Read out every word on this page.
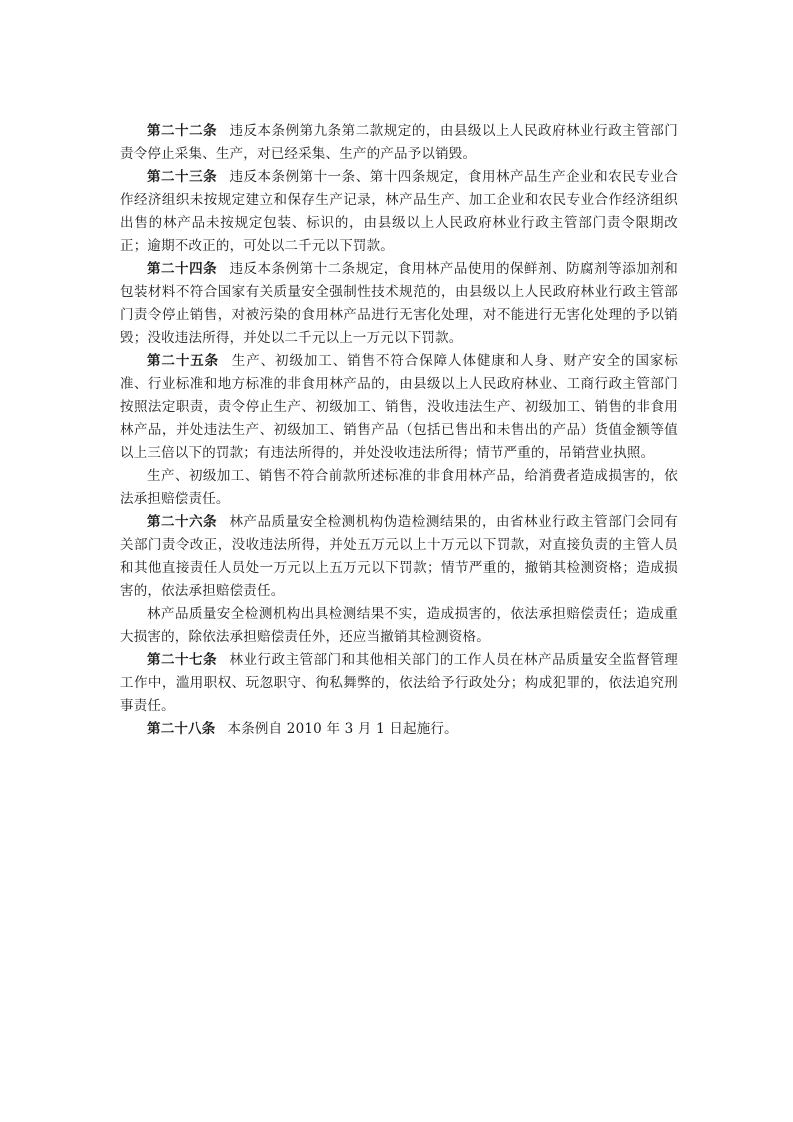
第二十二条 违反本条例第九条第二款规定的，由县级以上人民政府林业行政主管部门责令停止采集、生产，对已经采集、生产的产品予以销毁。

第二十三条 违反本条例第十一条、第十四条规定，食用林产品生产企业和农民专业合作经济组织未按规定建立和保存生产记录，林产品生产、加工企业和农民专业合作经济组织出售的林产品未按规定包装、标识的，由县级以上人民政府林业行政主管部门责令限期改正；逾期不改正的，可处以二千元以下罚款。

第二十四条 违反本条例第十二条规定，食用林产品使用的保鲜剂、防腐剂等添加剂和包装材料不符合国家有关质量安全强制性技术规范的，由县级以上人民政府林业行政主管部门责令停止销售，对被污染的食用林产品进行无害化处理，对不能进行无害化处理的予以销毁；没收违法所得，并处以二千元以上一万元以下罚款。

第二十五条 生产、初级加工、销售不符合保障人体健康和人身、财产安全的国家标准、行业标准和地方标准的非食用林产品的，由县级以上人民政府林业、工商行政主管部门按照法定职责，责令停止生产、初级加工、销售，没收违法生产、初级加工、销售的非食用林产品，并处违法生产、初级加工、销售产品（包括已售出和未售出的产品）货值金额等值以上三倍以下的罚款；有违法所得的，并处没收违法所得；情节严重的，吊销营业执照。

生产、初级加工、销售不符合前款所述标准的非食用林产品，给消费者造成损害的，依法承担赔偿责任。

第二十六条 林产品质量安全检测机构伪造检测结果的，由省林业行政主管部门会同有关部门责令改正，没收违法所得，并处五万元以上十万元以下罚款，对直接负责的主管人员和其他直接责任人员处一万元以上五万元以下罚款；情节严重的，撤销其检测资格；造成损害的，依法承担赔偿责任。

林产品质量安全检测机构出具检测结果不实，造成损害的，依法承担赔偿责任；造成重大损害的，除依法承担赔偿责任外，还应当撤销其检测资格。

第二十七条 林业行政主管部门和其他相关部门的工作人员在林产品质量安全监督管理工作中，滥用职权、玩忽职守、徇私舞弊的，依法给予行政处分；构成犯罪的，依法追究刑事责任。

第二十八条 本条例自 2010 年 3 月 1 日起施行。
